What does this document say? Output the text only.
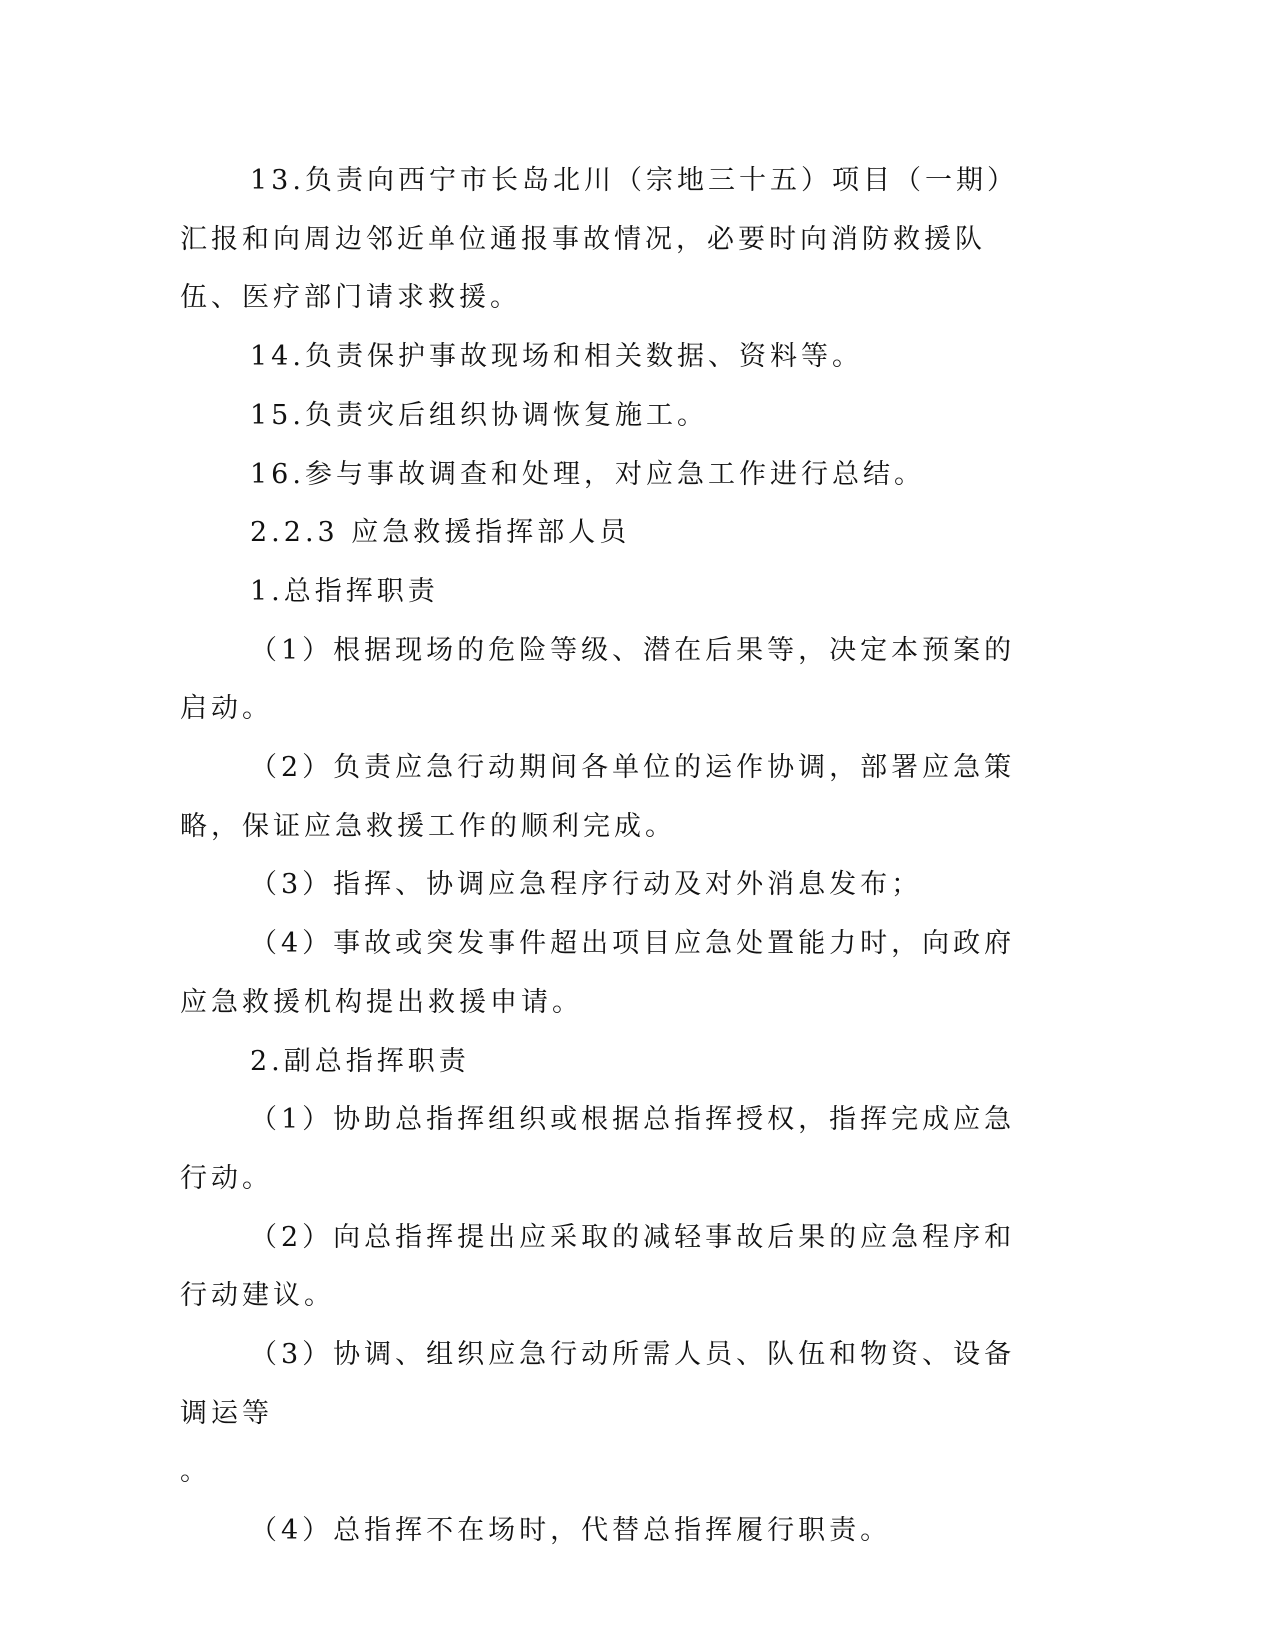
13.负责向西宁市长岛北川（宗地三十五）项目（一期）汇报和向周边邻近单位通报事故情况，必要时向消防救援队伍、医疗部门请求救援。

14.负责保护事故现场和相关数据、资料等。

15.负责灾后组织协调恢复施工。

16.参与事故调查和处理，对应急工作进行总结。

2.2.3 应急救援指挥部人员

1.总指挥职责

（1）根据现场的危险等级、潜在后果等，决定本预案的启动。

（2）负责应急行动期间各单位的运作协调，部署应急策略，保证应急救援工作的顺利完成。

（3）指挥、协调应急程序行动及对外消息发布；

（4）事故或突发事件超出项目应急处置能力时，向政府应急救援机构提出救援申请。

2.副总指挥职责

（1）协助总指挥组织或根据总指挥授权，指挥完成应急行动。

（2）向总指挥提出应采取的减轻事故后果的应急程序和行动建议。

（3）协调、组织应急行动所需人员、队伍和物资、设备调运等

。

（4）总指挥不在场时，代替总指挥履行职责。
